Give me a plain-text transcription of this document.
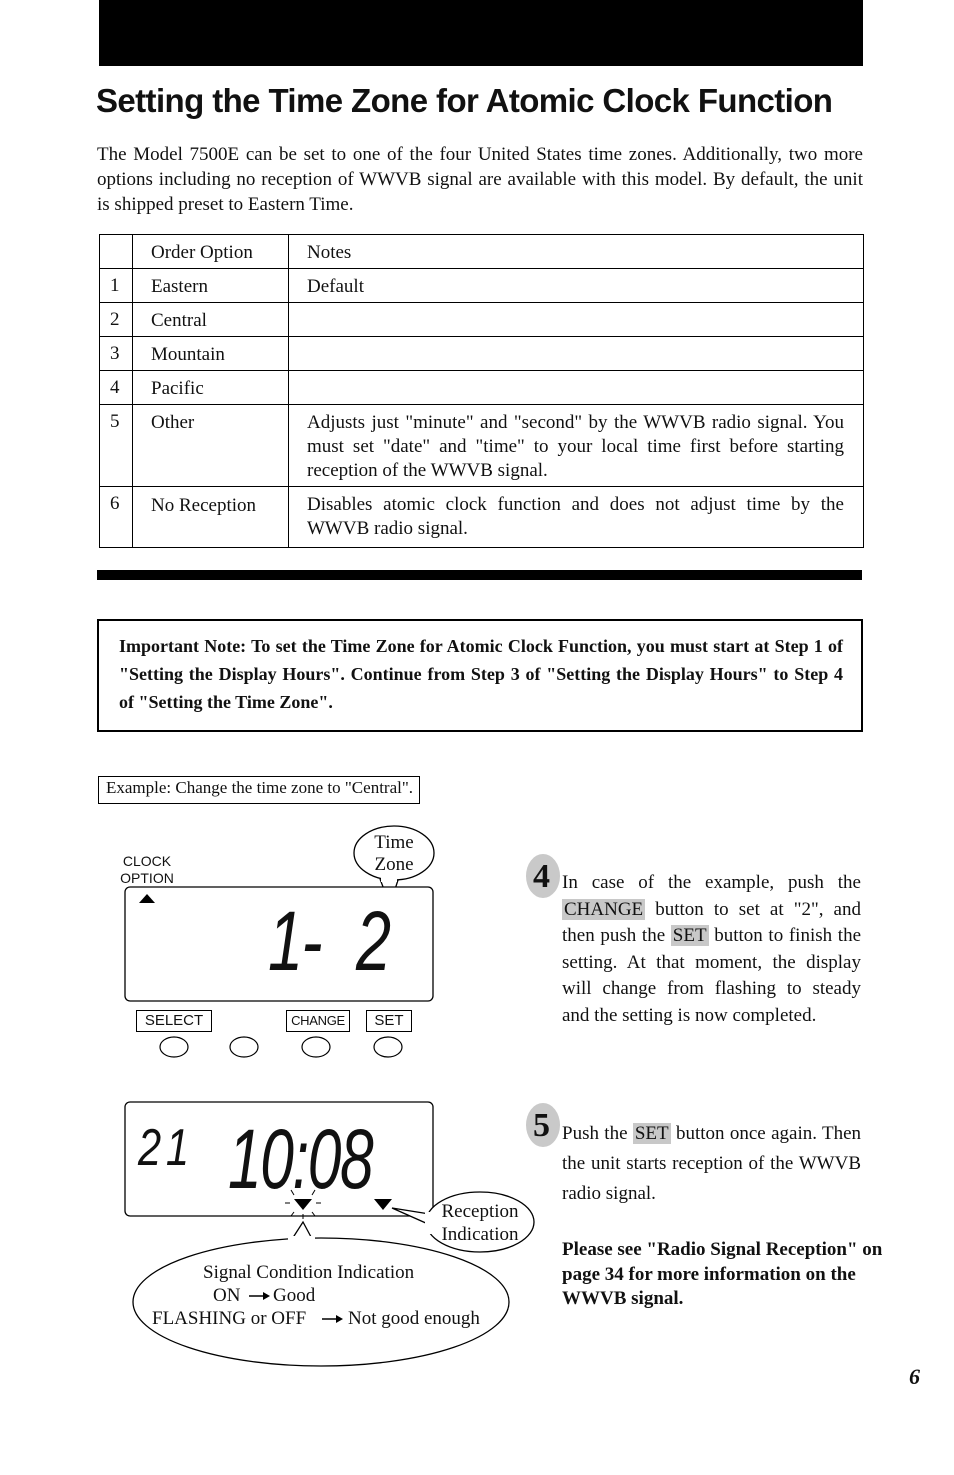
Setting the Time Zone for Atomic Clock Function
The Model 7500E can be set to one of the four United States time zones. Additionally, two more options including no reception of WWVB signal are available with this model. By default, the unit is shipped preset to Eastern Time.
	Order Option	Notes
1	Eastern	Default
2	Central	
3	Mountain	
4	Pacific	
5	Other	Adjusts just "minute" and "second" by the WWVB radio signal. You must set "date" and "time" to your local time first before starting reception of the WWVB signal.
6	No Reception	Disables atomic clock function and does not adjust time by the WWVB radio signal.
Important Note: To set the Time Zone for Atomic Clock Function, you must start at Step 1 of "Setting the Display Hours". Continue from Step 3 of "Setting the Display Hours" to Step 4 of "Setting the Time Zone".
Example: Change the time zone to "Central".
CLOCK
OPTION
Time
Zone
1- 2
SELECT	CHANGE	SET
21 10:08
Reception
Indication
Signal Condition Indication
ON Good
FLASHING or OFF Not good enough
4 In case of the example, push the CHANGE button to set at "2", and then push the SET button to finish the setting. At that moment, the display will change from flashing to steady and the setting is now completed.
5 Push the SET button once again. Then the unit starts reception of the WWVB radio signal.
Please see "Radio Signal Reception" on page 34 for more information on the WWVB signal.
6
